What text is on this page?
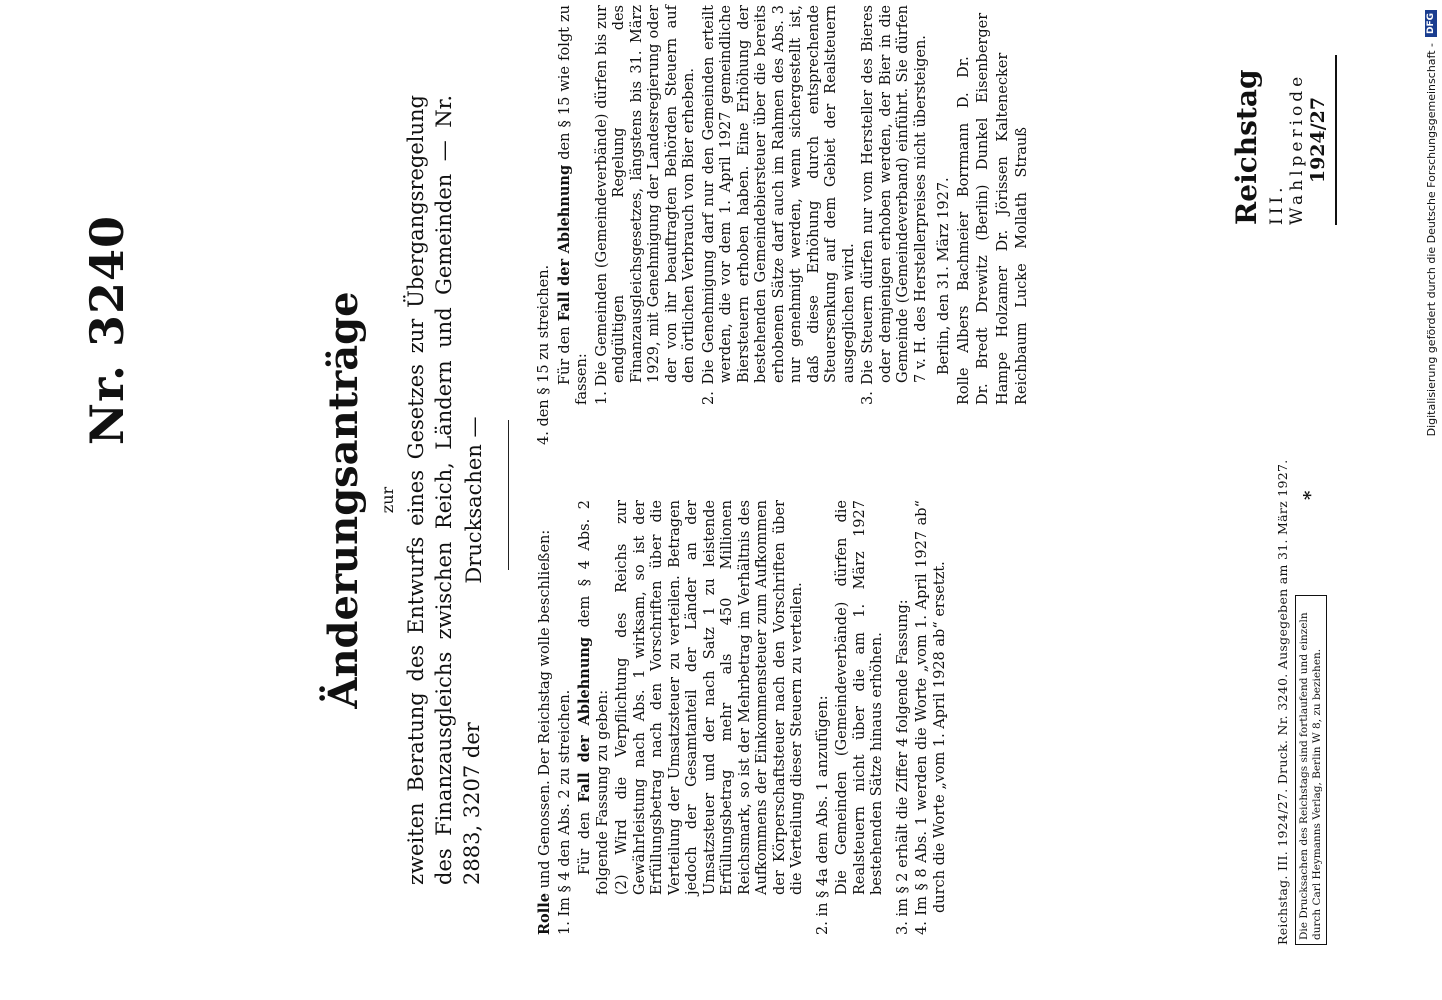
Nr. 3240
Reichstag III. Wahlperiode 1924/27
Änderungsanträge zur zweiten Beratung des Entwurfs eines Gesetzes zur Übergangsregelung des Finanzausgleichs zwischen Reich, Ländern und Gemeinden — Nr. 2883, 3207 der
Drucksachen —

Rolle und Genossen. Der Reichstag wolle beschließen: 1. Im § 4 den Abs. 2 zu streichen. Für den Fall der Ablehnung dem § 4 Abs. 2 folgende Fassung zu geben: (2) Wird die Verpflichtung des Reichs zur Gewährleistung nach Abs. 1 wirksam, so ist der Erfüllungsbetrag nach den Vorschriften über die Verteilung der Umsatzsteuer zu verteilen. Betragen jedoch der Gesamtanteil der Länder an der Umsatzsteuer und der nach Satz 1 zu leistende Erfüllungsbetrag mehr als 450 Millionen Reichsmark, so ist der Mehrbetrag im Verhältnis des Aufkommens der Einkommensteuer zum Aufkommen der Körperschaftsteuer nach den Vorschriften über die Verteilung dieser Steuern zu verteilen. 2. in § 4a dem Abs. 1 anzufügen: Die Gemeinden (Gemeindeverbände) dürfen die Realsteuern nicht über die am 1. März 1927 bestehenden Sätze hinaus erhöhen. 3. im § 2 erhält die Ziffer 4 folgende Fassung: 4. Im § 8 Abs. 1 werden die Worte „vom 1. April 1927 ab“ durch die Worte „vom 1. April 1928 ab“ ersetzt.

4. den § 15 zu streichen. Für den Fall der Ablehnung den § 15 wie folgt zu fassen: 1. Die Gemeinden (Gemeindeverbände) dürfen bis zur endgültigen Regelung des Finanzausgleichsgesetzes, längstens bis 31. März 1929, mit Genehmigung der Landesregierung oder der von ihr beauftragten Behörden Steuern auf den örtlichen Verbrauch von Bier erheben. 2. Die Genehmigung darf nur den Gemeinden erteilt werden, die vor dem 1. April 1927 gemeindliche Biersteuern erhoben haben. Eine Erhöhung der bestehenden Gemeindebiersteuer über die bereits erhobenen Sätze darf auch im Rahmen des Abs. 3 nur genehmigt werden, wenn sichergestellt ist, daß diese Erhöhung durch entsprechende Steuersenkung auf dem Gebiet der Realsteuern ausgeglichen wird. 3. Die Steuern dürfen nur vom Hersteller des Bieres oder demjenigen erhoben werden, der Bier in die Gemeinde (Gemeindeverband) einführt. Sie dürfen 7 v. H. des Herstellerpreises nicht übersteigen. Berlin, den 31. März 1927. Rolle Albers Bachmeier Borrmann D. Dr. Dr. Bredt Drewitz (Berlin) Dunkel Eisenberger Hampe Holzamer Dr. Jörissen Kaltenecker Reichbaum Lucke Mollath Strauß

Reichstag. III. 1924/27. Druck. Nr. 3240. Ausgegeben am 31. März 1927. Die Drucksachen des Reichstags sind fortlaufend und einzeln durch Carl Heymanns Verlag, Berlin W 8, zu beziehen.
*
Digitalisierung gefördert durch die Deutsche Forschungsgemeinschaft -
DFG
